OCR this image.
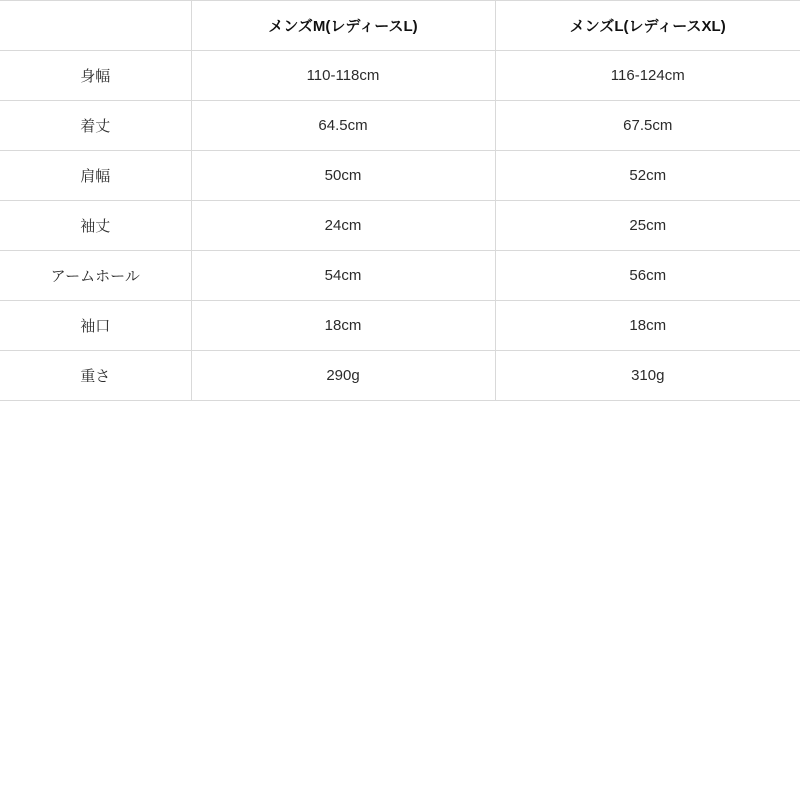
	メンズM(レディースL)	メンズL(レディースXL)
身幅	110-118cm	116-124cm
着丈	64.5cm	67.5cm
肩幅	50cm	52cm
袖丈	24cm	25cm
アームホール	54cm	56cm
袖口	18cm	18cm
重さ	290g	310g
